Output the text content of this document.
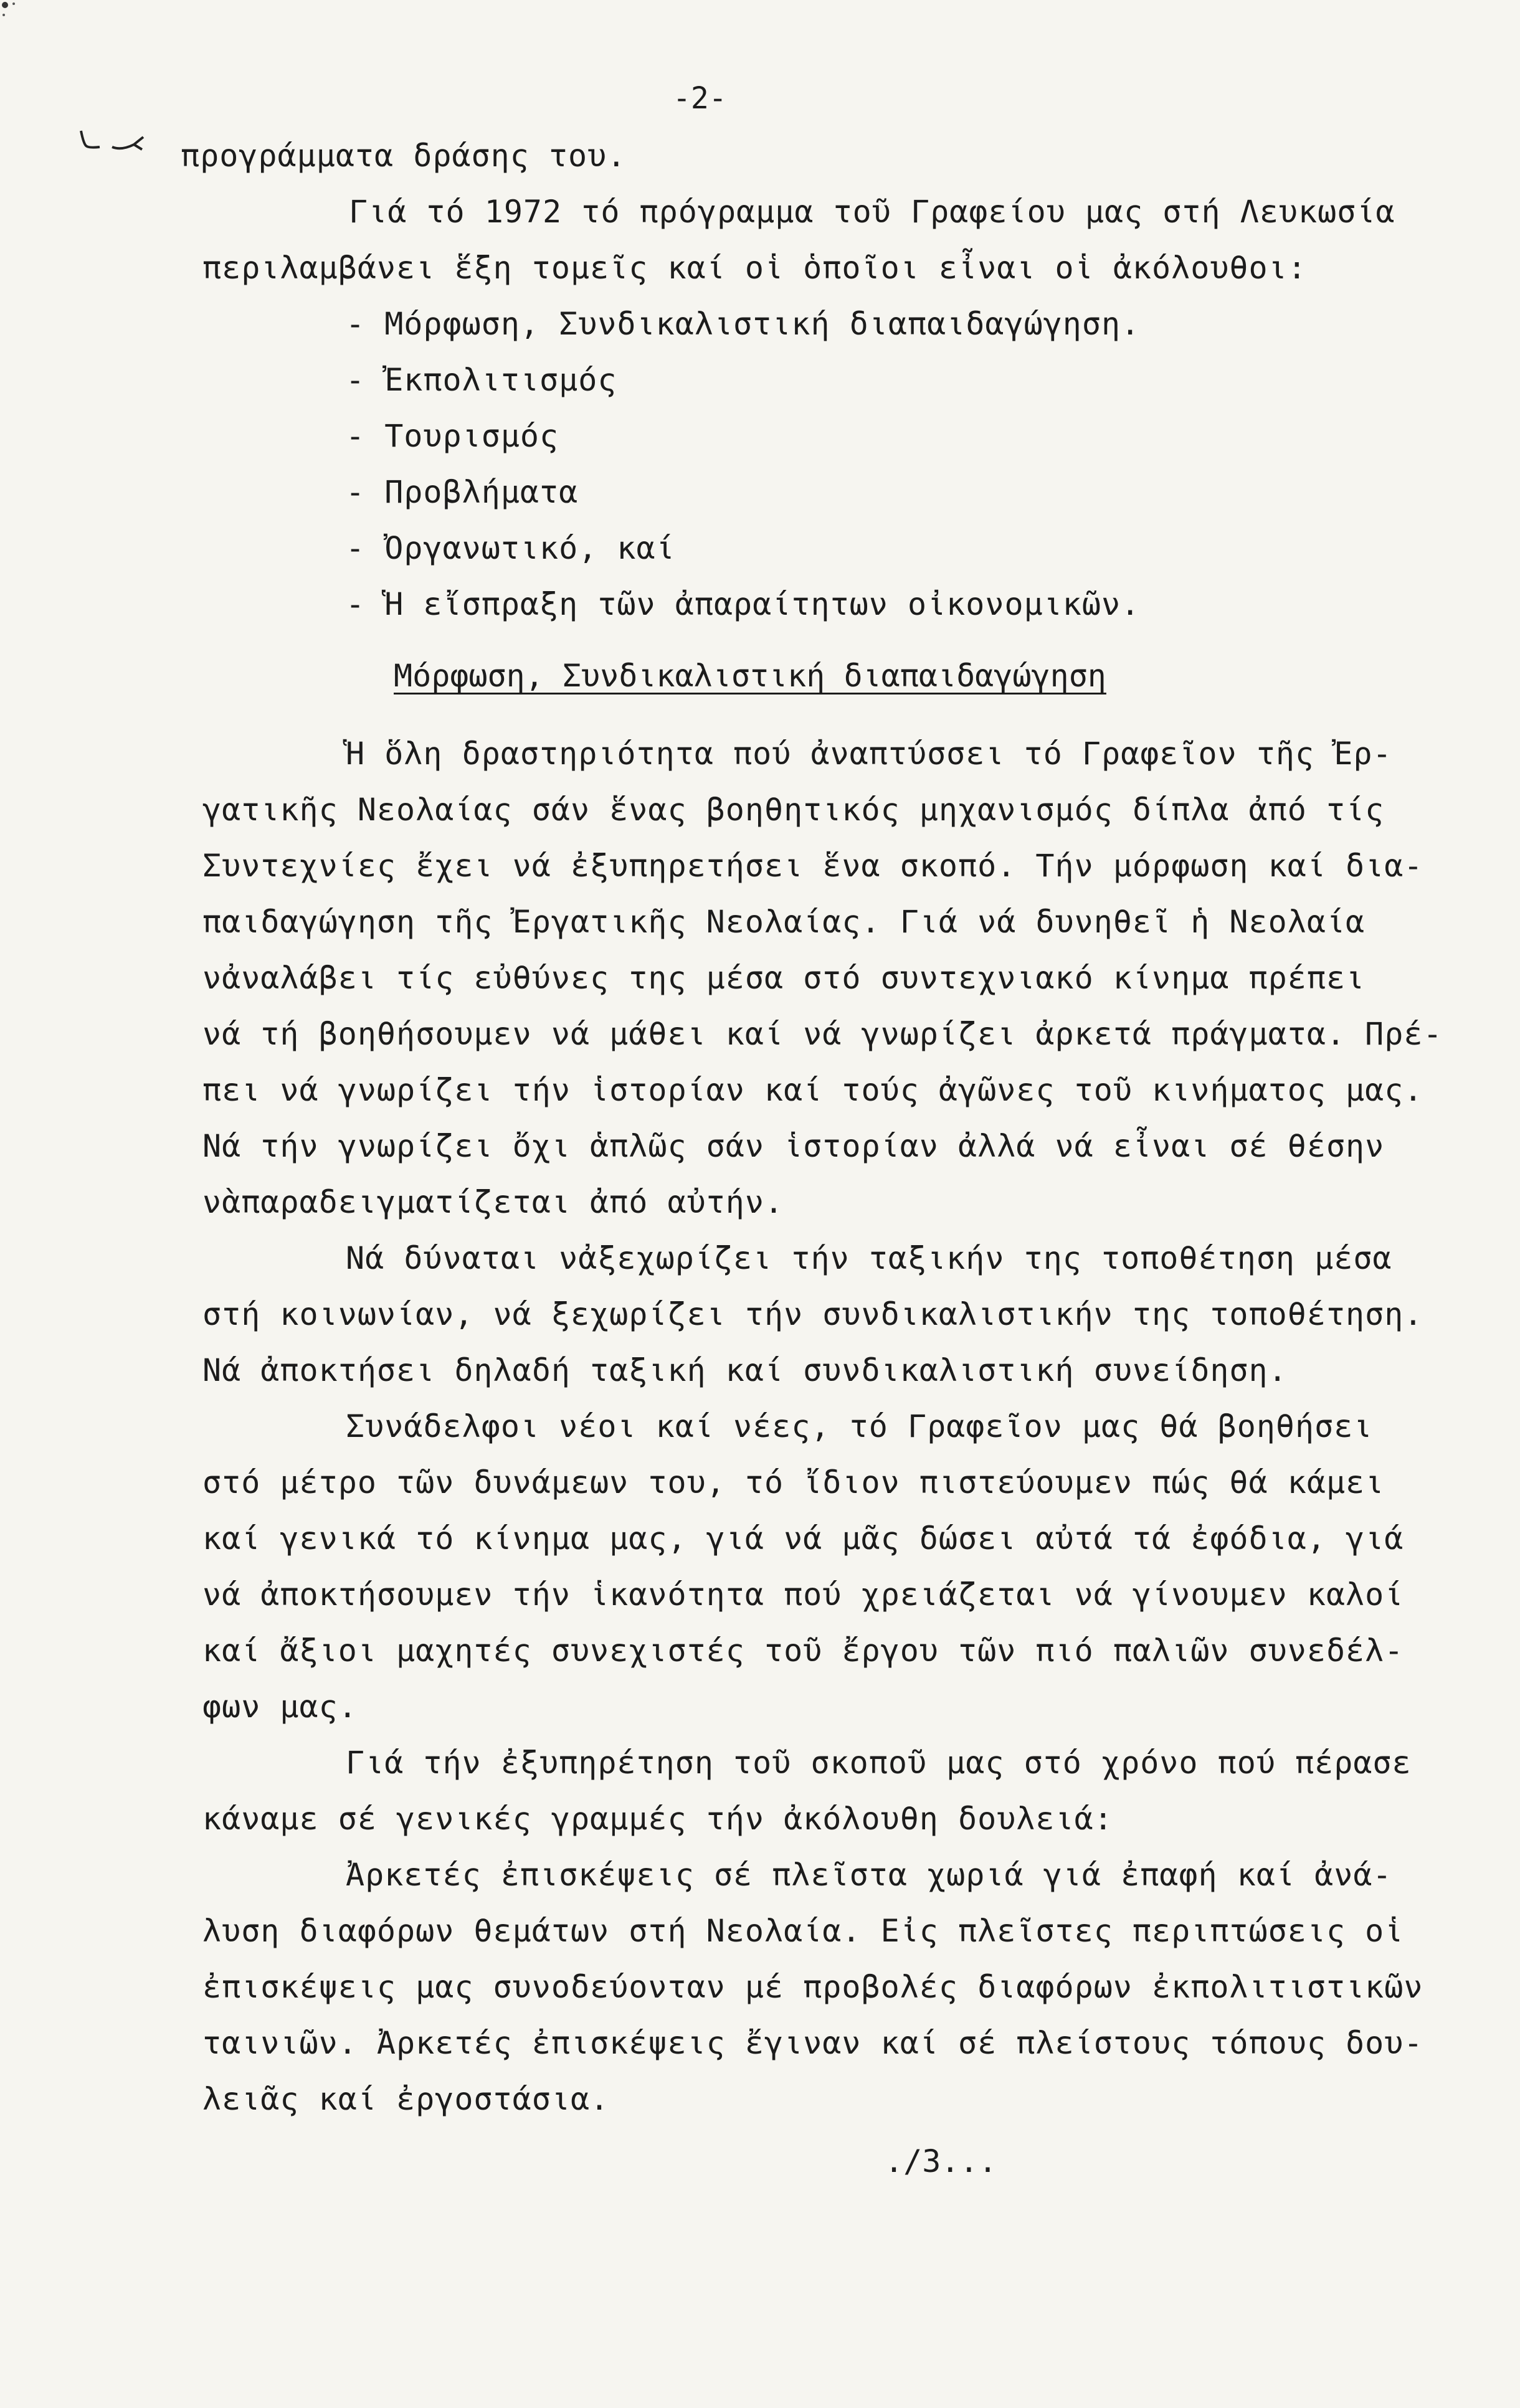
-2-
προγράμματα δράσης του.
Γιά τό 1972 τό πρόγραμμα τοῦ Γραφείου μας στή Λευκωσία
περιλαμβάνει ἕξη τομεῖς καί οἱ ὁποῖοι εἶναι οἱ ἀκόλουθοι:
- Μόρφωση, Συνδικαλιστική διαπαιδαγώγηση.
- Ἐκπολιτισμός
- Τουρισμός
- Προβλήματα
- Ὀργανωτικό, καί
- Ἡ εἴσπραξη τῶν ἀπαραίτητων οἰκονομικῶν.
Μόρφωση, Συνδικαλιστική διαπαιδαγώγηση
Ἡ ὅλη δραστηριότητα πού ἀναπτύσσει τό Γραφεῖον τῆς Ἐρ-
γατικῆς Νεολαίας σάν ἕνας βοηθητικός μηχανισμός δίπλα ἀπό τίς
Συντεχνίες ἔχει νά ἐξυπηρετήσει ἕνα σκοπό. Τήν μόρφωση καί δια-
παιδαγώγηση τῆς Ἐργατικῆς Νεολαίας. Γιά νά δυνηθεῖ ἡ Νεολαία
νἀναλάβει τίς εὐθύνες της μέσα στό συντεχνιακό κίνημα πρέπει
νά τή βοηθήσουμεν νά μάθει καί νά γνωρίζει ἀρκετά πράγματα. Πρέ-
πει νά γνωρίζει τήν ἱστορίαν καί τούς ἀγῶνες τοῦ κινήματος μας.
Νά τήν γνωρίζει ὄχι ἁπλῶς σάν ἱστορίαν ἀλλά νά εἶναι σέ θέσην
νὰπαραδειγματίζεται ἀπό αὐτήν.
Νά δύναται νἀξεχωρίζει τήν ταξικήν της τοποθέτηση μέσα
στή κοινωνίαν, νά ξεχωρίζει τήν συνδικαλιστικήν της τοποθέτηση.
Νά ἀποκτήσει δηλαδή ταξική καί συνδικαλιστική συνείδηση.
Συνάδελφοι νέοι καί νέες, τό Γραφεῖον μας θά βοηθήσει
στό μέτρο τῶν δυνάμεων του, τό ἴδιον πιστεύουμεν πώς θά κάμει
καί γενικά τό κίνημα μας, γιά νά μᾶς δώσει αὐτά τά ἐφόδια, γιά
νά ἀποκτήσουμεν τήν ἱκανότητα πού χρειάζεται νά γίνουμεν καλοί
καί ἄξιοι μαχητές συνεχιστές τοῦ ἔργου τῶν πιό παλιῶν συνεδέλ-
φων μας.
Γιά τήν ἐξυπηρέτηση τοῦ σκοποῦ μας στό χρόνο πού πέρασε
κάναμε σέ γενικές γραμμές τήν ἀκόλουθη δουλειά:
Ἀρκετές ἐπισκέψεις σέ πλεῖστα χωριά γιά ἐπαφή καί ἀνά-
λυση διαφόρων θεμάτων στή Νεολαία. Εἰς πλεῖστες περιπτώσεις οἱ
ἐπισκέψεις μας συνοδεύονταν μέ προβολές διαφόρων ἐκπολιτιστικῶν
ταινιῶν. Ἀρκετές ἐπισκέψεις ἔγιναν καί σέ πλείστους τόπους δου-
λειᾶς καί ἐργοστάσια.
./3...
